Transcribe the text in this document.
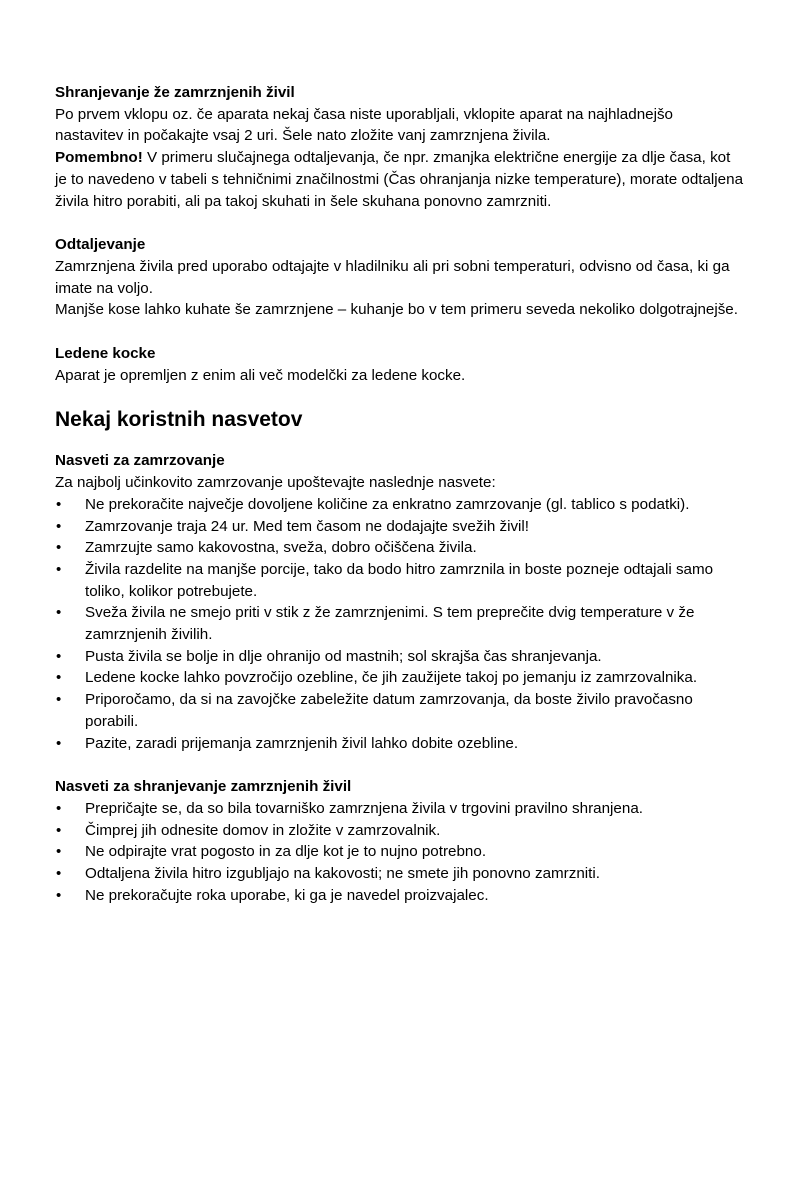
Shranjevanje že zamrznjenih živil
Po prvem vklopu oz. če aparata nekaj časa niste uporabljali, vklopite aparat na najhladnejšo nastavitev in počakajte vsaj 2 uri. Šele nato zložite vanj zamrznjena živila.
Pomembno! V primeru slučajnega odtaljevanja, če npr. zmanjka električne energije za dlje časa, kot je to navedeno v tabeli s tehničnimi značilnostmi (Čas ohranjanja nizke temperature), morate odtaljena živila hitro porabiti, ali pa takoj skuhati in šele skuhana ponovno zamrzniti.

Odtaljevanje
Zamrznjena živila pred uporabo odtajajte v hladilniku ali pri sobni temperaturi, odvisno od časa, ki ga imate na voljo.
Manjše kose lahko kuhate še zamrznjene – kuhanje bo v tem primeru seveda nekoliko dolgotrajnejše.

Ledene kocke
Aparat je opremljen z enim ali več modelčki za ledene kocke.

Nekaj koristnih nasvetov

Nasveti za zamrzovanje
Za najbolj učinkovito zamrzovanje upoštevajte naslednje nasvete:

• Ne prekoračite največje dovoljene količine za enkratno zamrzovanje (gl. tablico s podatki).
• Zamrzovanje traja 24 ur. Med tem časom ne dodajajte svežih živil!
• Zamrzujte samo kakovostna, sveža, dobro očiščena živila.
• Živila razdelite na manjše porcije, tako da bodo hitro zamrznila in boste pozneje odtajali samo toliko, kolikor potrebujete.
• Sveža živila ne smejo priti v stik z že zamrznjenimi. S tem preprečite dvig temperature v že zamrznjenih živilih.
• Pusta živila se bolje in dlje ohranijo od mastnih; sol skrajša čas shranjevanja.
• Ledene kocke lahko povzročijo ozebline, če jih zaužijete takoj po jemanju iz zamrzovalnika.
• Priporočamo, da si na zavojčke zabeležite datum zamrzovanja, da boste živilo pravočasno porabili.
• Pazite, zaradi prijemanja zamrznjenih živil lahko dobite ozebline.

Nasveti za shranjevanje zamrznjenih živil

• Prepričajte se, da so bila tovarniško zamrznjena živila v trgovini pravilno shranjena.
• Čimprej jih odnesite domov in zložite v zamrzovalnik.
• Ne odpirajte vrat pogosto in za dlje kot je to nujno potrebno.
• Odtaljena živila hitro izgubljajo na kakovosti; ne smete jih ponovno zamrzniti.
• Ne prekoračujte roka uporabe, ki ga je navedel proizvajalec.
